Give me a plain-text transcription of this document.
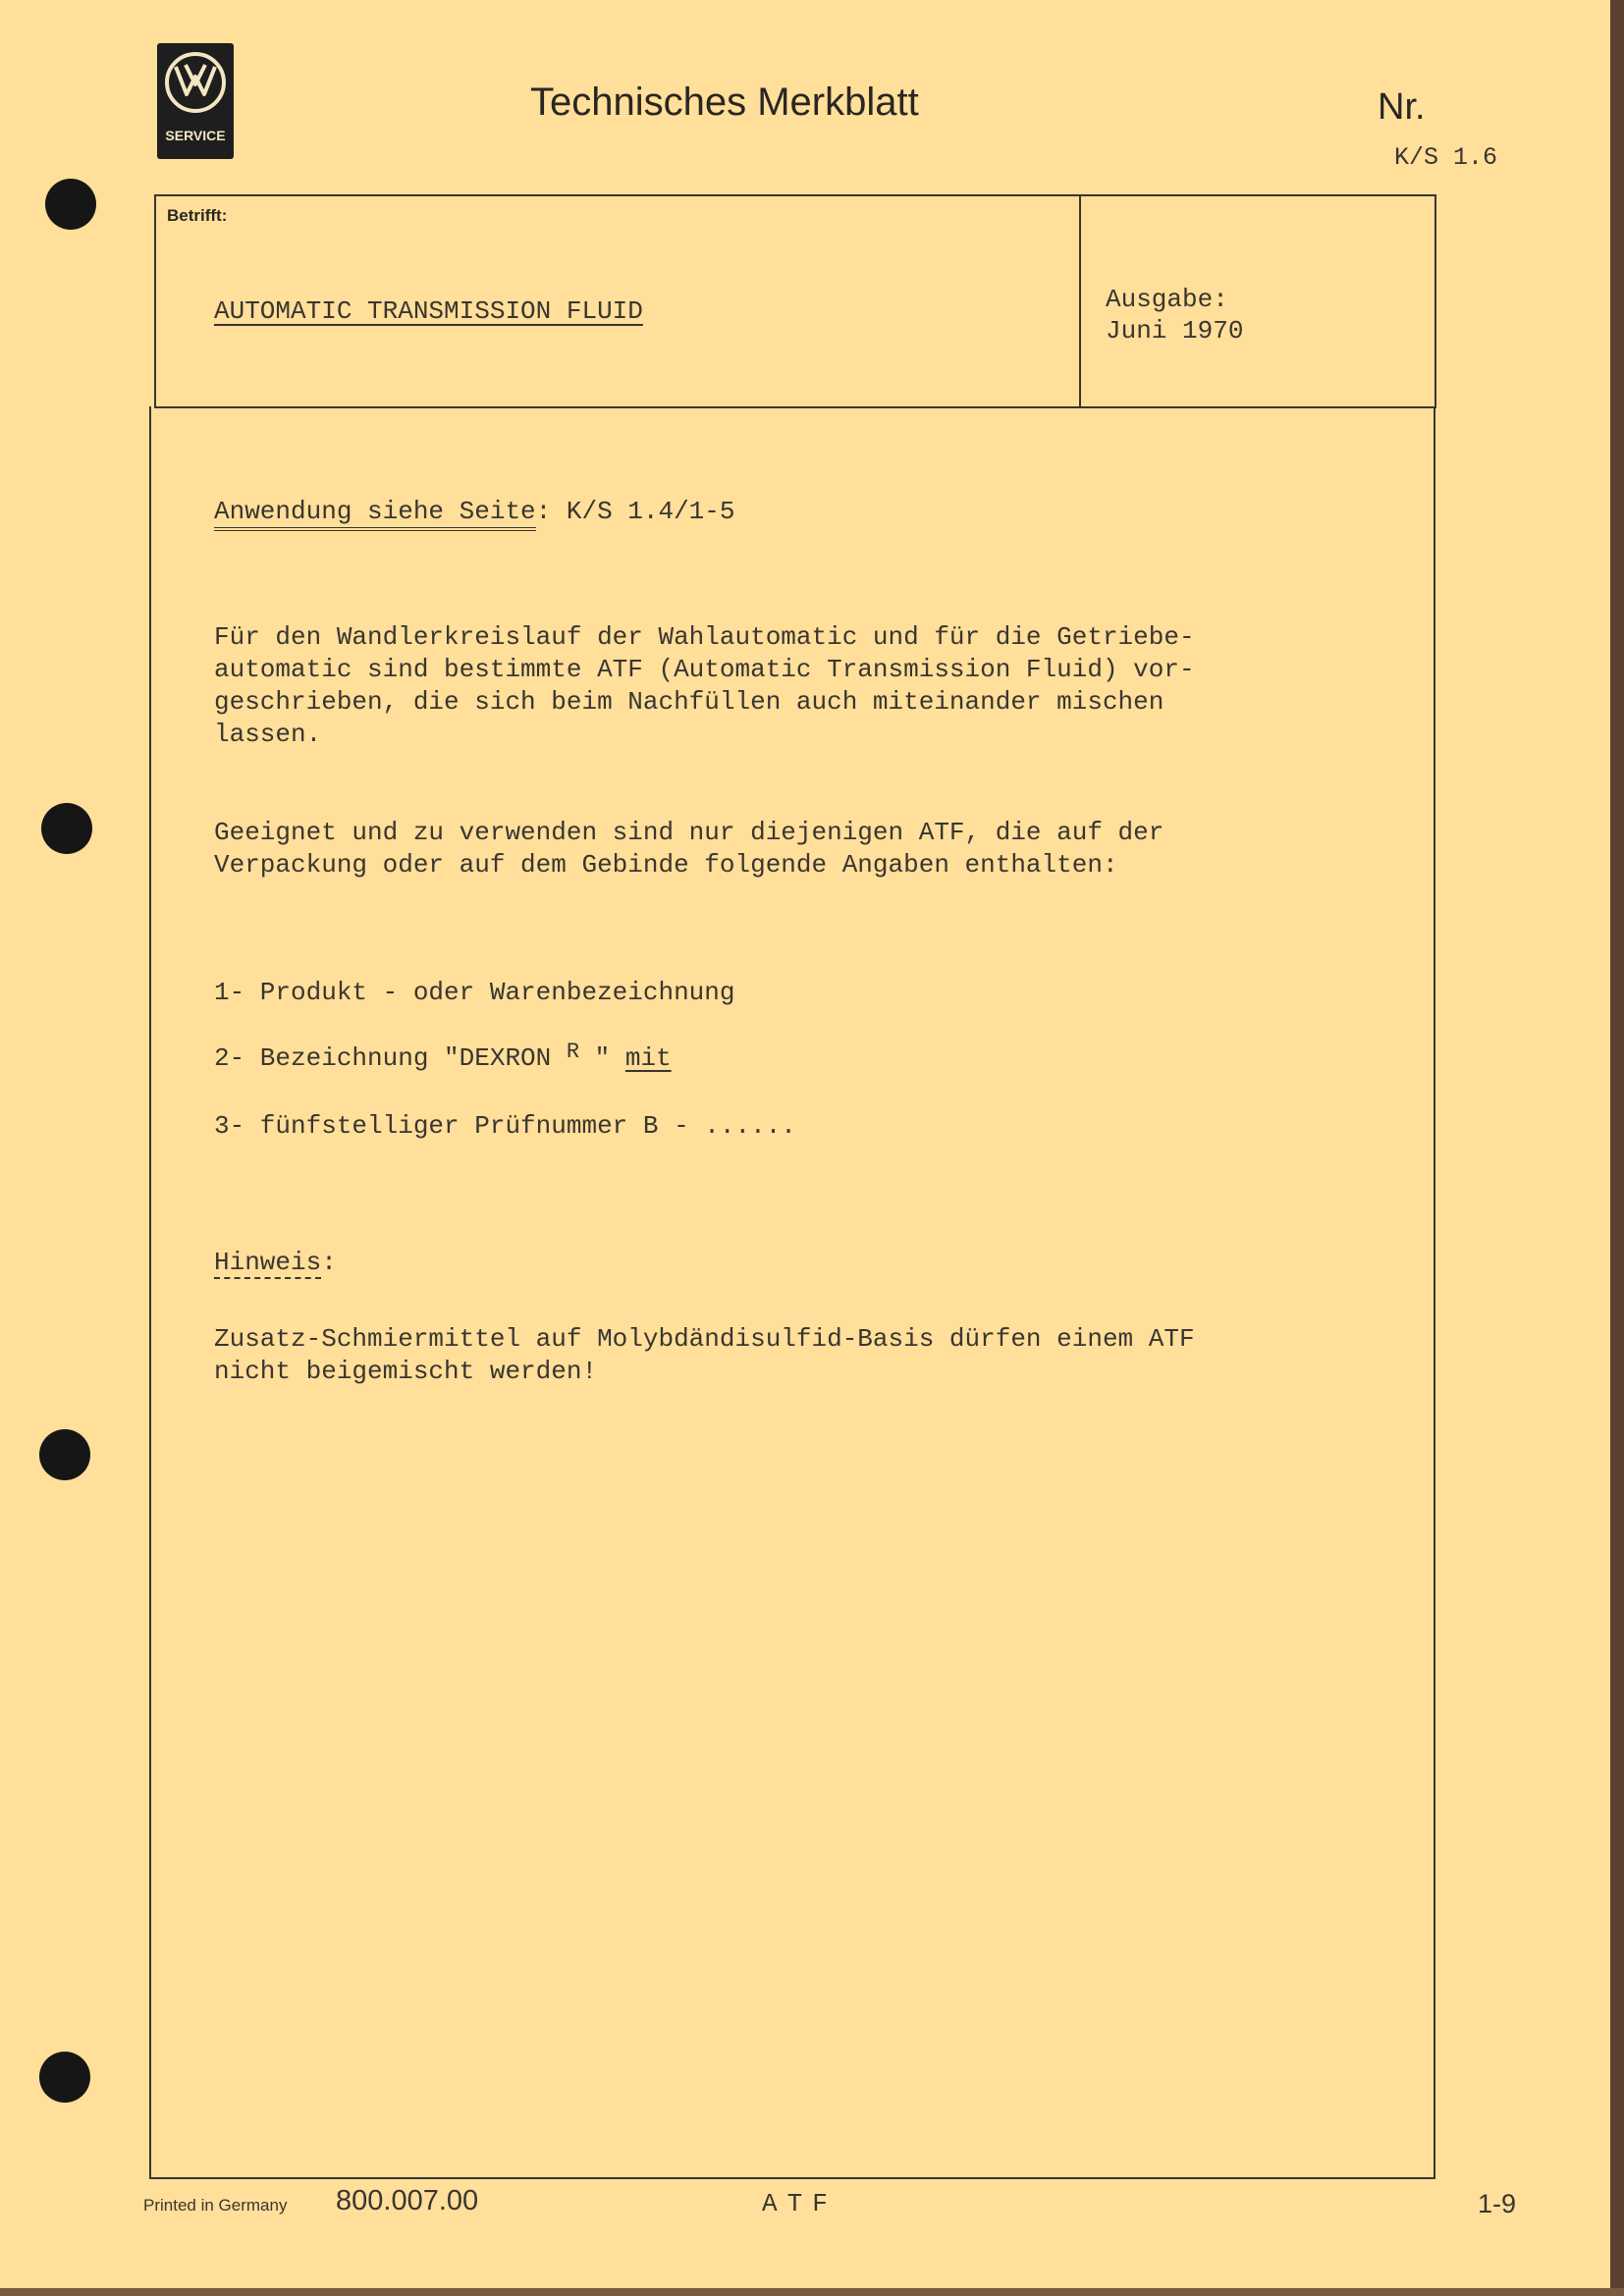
SERVICE
Technisches Merkblatt	Nr.
K/S 1.6
Betrifft:
AUTOMATIC TRANSMISSION FLUID	Ausgabe:
Juni 1970
Anwendung siehe Seite: K/S 1.4/1-5
Für den Wandlerkreislauf der Wahlautomatic und für die Getriebe-
automatic sind bestimmte ATF (Automatic Transmission Fluid) vor-
geschrieben, die sich beim Nachfüllen auch miteinander mischen
lassen.
Geeignet und zu verwenden sind nur diejenigen ATF, die auf der
Verpackung oder auf dem Gebinde folgende Angaben enthalten:
1- Produkt - oder Warenbezeichnung
2- Bezeichnung "DEXRON $^R$ " mit
3- fünfstelliger Prüfnummer B - ......
Hinweis:
Zusatz-Schmiermittel auf Molybdändisulfid-Basis dürfen einem ATF
nicht beigemischt werden!
Printed in Germany 800.007.00	ATF	1-9
